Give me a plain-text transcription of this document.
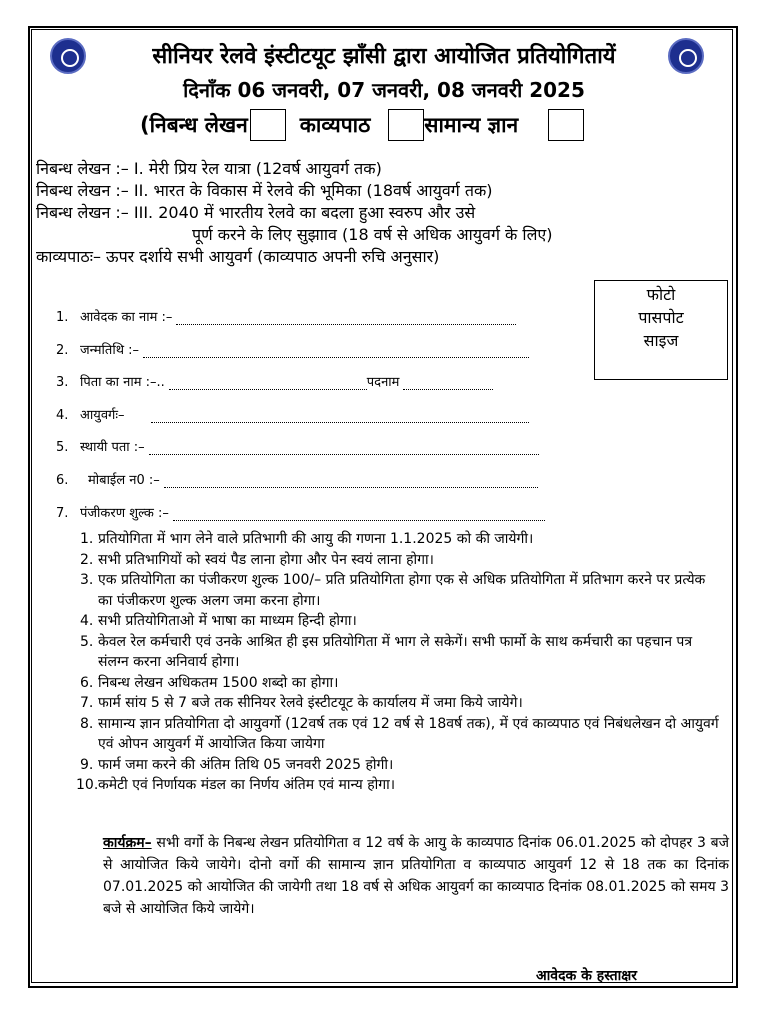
सीनियर रेलवे इंस्टीटयूट झाँसी द्वारा आयोजित प्रतियोगितायें
दिनाँक 06 जनवरी, 07 जनवरी, 08 जनवरी 2025
(निबन्ध लेखन काव्यपाठ	सामान्य ज्ञान
निबन्ध लेखन :– I. मेरी प्रिय रेल यात्रा (12वर्ष आयुवर्ग तक)
निबन्ध लेखन :– II. भारत के विकास में रेलवे की भूमिका (18वर्ष आयुवर्ग तक)
निबन्ध लेखन :– III. 2040 में भारतीय रेलवे का बदला हुआ स्वरुप और उसे
पूर्ण करने के लिए सुझााव (18 वर्ष से अधिक आयुवर्ग के लिए)
काव्यपाठः– ऊपर दर्शाये सभी आयुवर्ग (काव्यपाठ अपनी रुचि अनुसार)
1. आवेदक का नाम :–
2. जन्मतिथि :–
3. पिता का नाम :–..	पदनाम
4. आयुवर्गः–
5. स्थायी पता :–
6.	मोबाईल न0 :–
7. पंजीकरण शुल्क :–
फोटो
पासपोट
साइज
1. प्रतियोगिता में भाग लेने वाले प्रतिभागी की आयु की गणना 1.1.2025 को की जायेगी।
2. सभी प्रतिभागियों को स्वयं पैड लाना होगा और पेन स्वयं लाना होगा।
3. एक प्रतियोगिता का पंजीकरण शुल्क 100/– प्रति प्रतियोगिता होगा एक से अधिक प्रतियोगिता में प्रतिभाग करने पर प्रत्येक का पंजीकरण शुल्क अलग जमा करना होगा।
4. सभी प्रतियोगिताओ में भाषा का माध्यम हिन्दी होगा।
5. केवल रेल कर्मचारी एवं उनके आश्रित ही इस प्रतियोगिता में भाग ले सकेगें। सभी फार्मो के साथ कर्मचारी का पहचान पत्र संलग्न करना अनिवार्य होगा।
6. निबन्ध लेखन अधिकतम 1500 शब्दो का होगा।
7. फार्म सांय 5 से 7 बजे तक सीनियर रेलवे इंस्टीटयूट के कार्यालय में जमा किये जायेगे।
8. सामान्य ज्ञान प्रतियोगिता दो आयुवर्गो (12वर्ष तक एवं 12 वर्ष से 18वर्ष तक), में एवं काव्यपाठ एवं निबंधलेखन दो आयुवर्ग एवं ओपन आयुवर्ग में आयोजित किया जायेगा
9. फार्म जमा करने की अंतिम तिथि 05 जनवरी 2025 होगी।
10. कमेटी एवं निर्णायक मंडल का निर्णय अंतिम एवं मान्य होगा।
कार्यक्रम– सभी वर्गो के निबन्ध लेखन प्रतियोगिता व 12 वर्ष के आयु के काव्यपाठ दिनांक 06.01.2025 को दोपहर 3 बजे से आयोजित किये जायेगे। दोनो वर्गो की सामान्य ज्ञान प्रतियोगिता व काव्यपाठ आयुवर्ग 12 से 18 तक का दिनांक 07.01.2025 को आयोजित की जायेगी तथा 18 वर्ष से अधिक आयुवर्ग का काव्यपाठ दिनांक 08.01.2025 को समय 3 बजे से आयोजित किये जायेगे।
आवेदक के हस्ताक्षर
